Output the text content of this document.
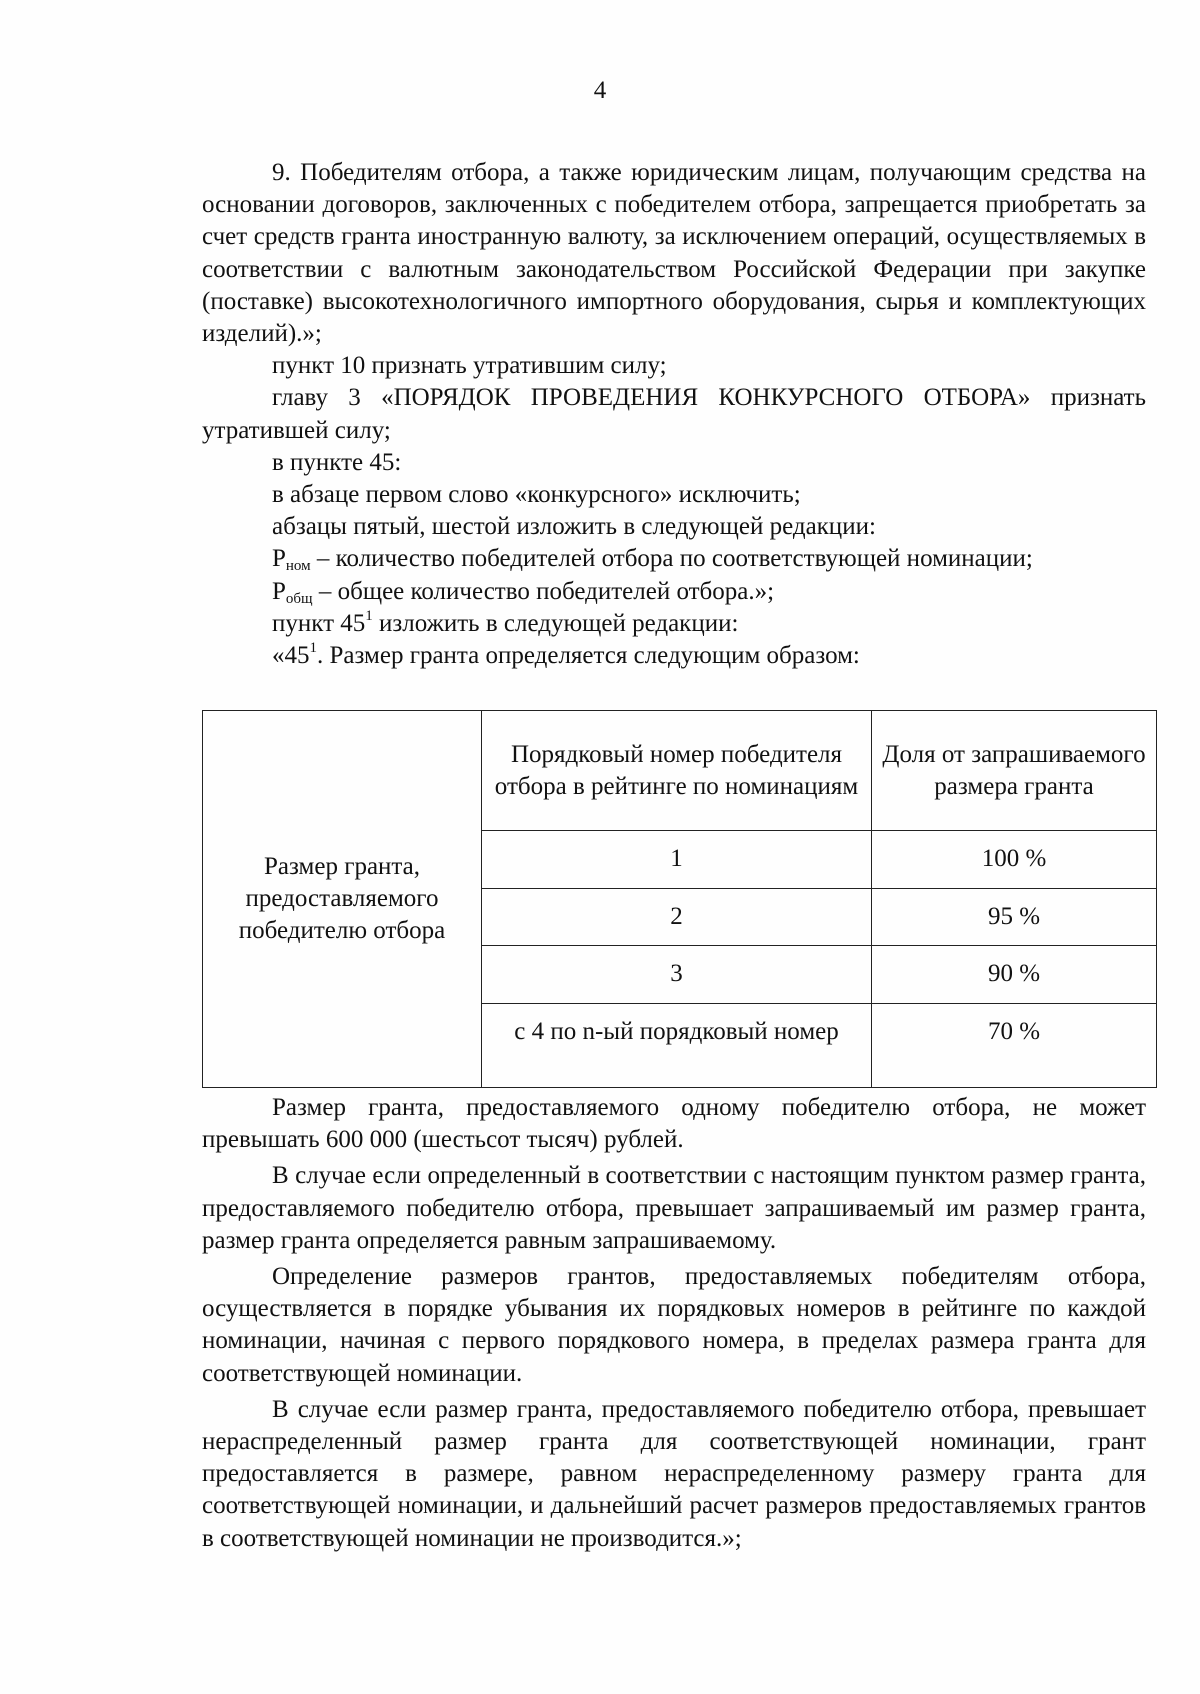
4

9. Победителям отбора, а также юридическим лицам, получающим средства на основании договоров, заключенных с победителем отбора, запрещается приобретать за счет средств гранта иностранную валюту, за исключением операций, осуществляемых в соответствии с валютным законодательством Российской Федерации при закупке (поставке) высокотехнологичного импортного оборудования, сырья и комплектующих изделий).»;

пункт 10 признать утратившим силу;

главу 3 «ПОРЯДОК ПРОВЕДЕНИЯ КОНКУРСНОГО ОТБОРА» признать утратившей силу;

в пункте 45:

в абзаце первом слово «конкурсного» исключить;

абзацы пятый, шестой изложить в следующей редакции:

$P_{ном}$ – количество победителей отбора по соответствующей номинации;

$P_{общ}$ – общее количество победителей отбора.»;

пункт $45^1$ изложить в следующей редакции:

«$45^1$. Размер гранта определяется следующим образом:

Размер гранта, предоставляемого победителю отбора	Порядковый номер победителя отбора в рейтинге по номинациям	Доля от запрашиваемого размера гранта
	1	100 %
	2	95 %
	3	90 %
	с 4 по n-ый порядковый номер	70 %

Размер гранта, предоставляемого одному победителю отбора, не может превышать 600 000 (шестьсот тысяч) рублей.

В случае если определенный в соответствии с настоящим пунктом размер гранта, предоставляемого победителю отбора, превышает запрашиваемый им размер гранта, размер гранта определяется равным запрашиваемому.

Определение размеров грантов, предоставляемых победителям отбора, осуществляется в порядке убывания их порядковых номеров в рейтинге по каждой номинации, начиная с первого порядкового номера, в пределах размера гранта для соответствующей номинации.

В случае если размер гранта, предоставляемого победителю отбора, превышает нераспределенный размер гранта для соответствующей номинации, грант предоставляется в размере, равном нераспределенному размеру гранта для соответствующей номинации, и дальнейший расчет размеров предоставляемых грантов в соответствующей номинации не производится.»;
